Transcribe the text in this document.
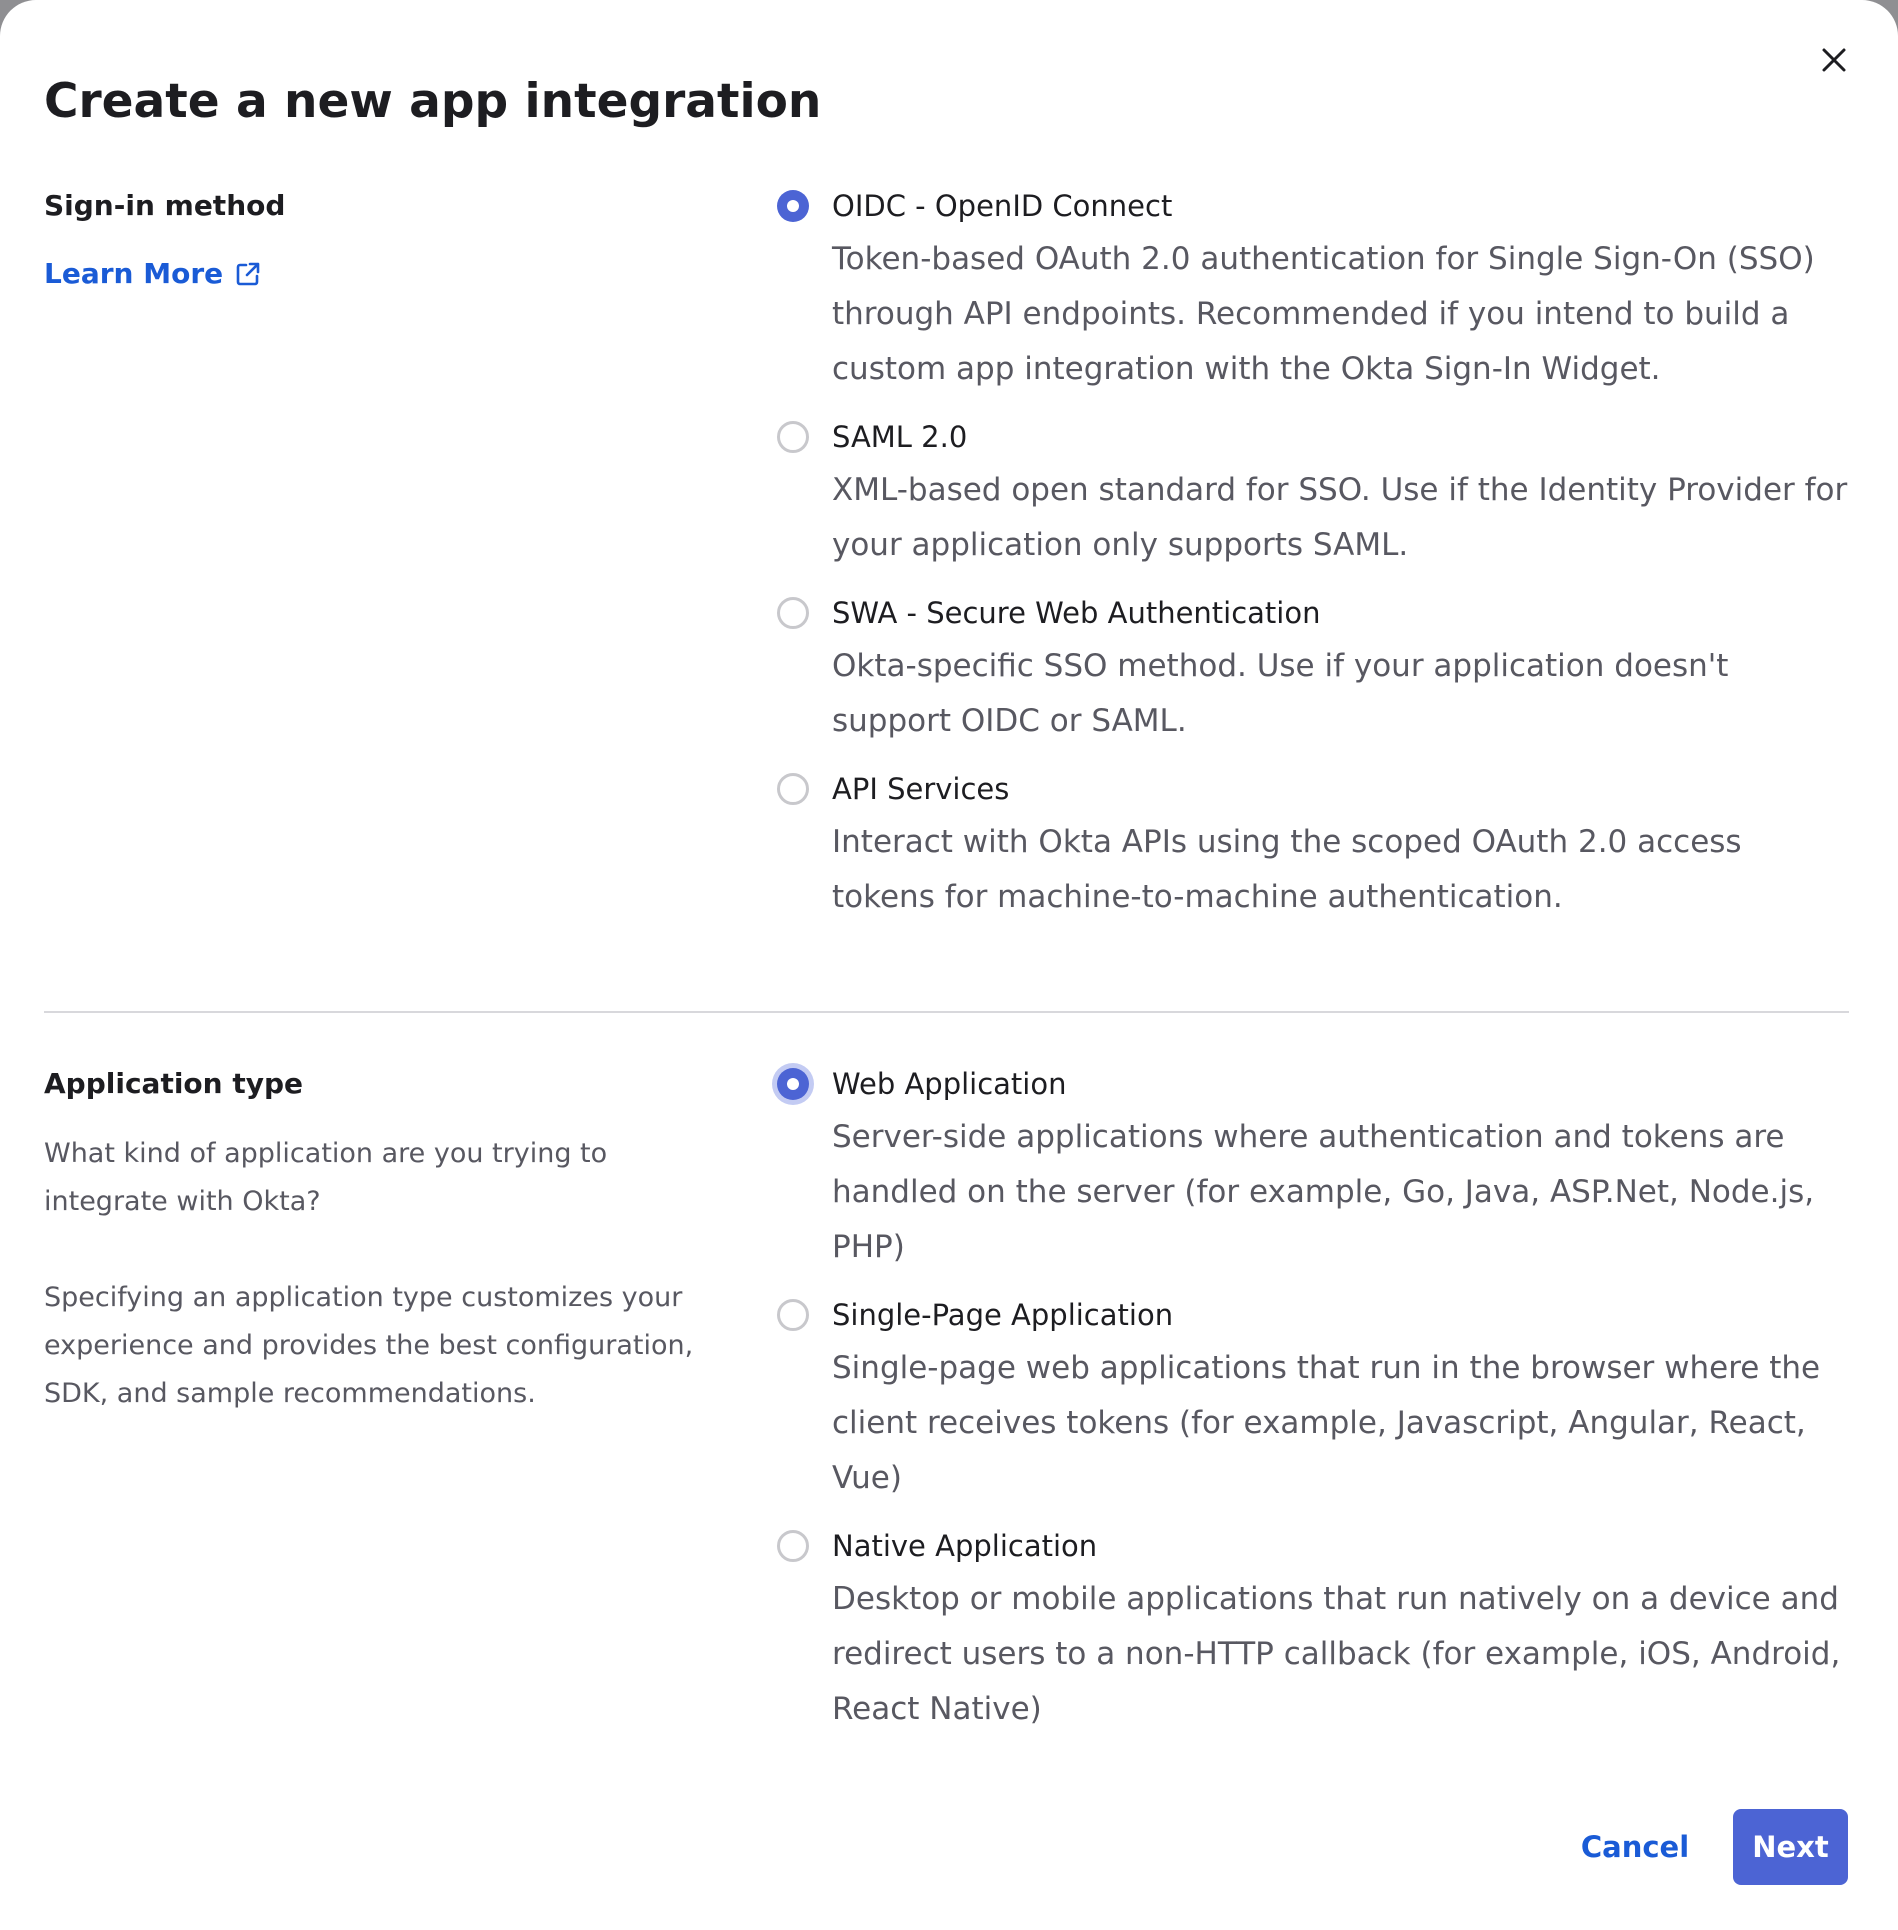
Create a new app integration
Sign-in method
Learn More
OIDC - OpenID Connect

Token-based OAuth 2.0 authentication for Single Sign-On (SSO) through API endpoints. Recommended if you intend to build a custom app integration with the Okta Sign-In Widget.

SAML 2.0

XML-based open standard for SSO. Use if the Identity Provider for your application only supports SAML.

SWA - Secure Web Authentication

Okta-specific SSO method. Use if your application doesn't support OIDC or SAML.

API Services

Interact with Okta APIs using the scoped OAuth 2.0 access tokens for machine-to-machine authentication.

Application type

What kind of application are you trying to integrate with Okta?

Specifying an application type customizes your experience and provides the best configuration, SDK, and sample recommendations.

Web Application

Server-side applications where authentication and tokens are handled on the server (for example, Go, Java, ASP.Net, Node.js, PHP)

Single-Page Application

Single-page web applications that run in the browser where the client receives tokens (for example, Javascript, Angular, React, Vue)

Native Application

Desktop or mobile applications that run natively on a device and redirect users to a non-HTTP callback (for example, iOS, Android, React Native)

Cancel	Next
